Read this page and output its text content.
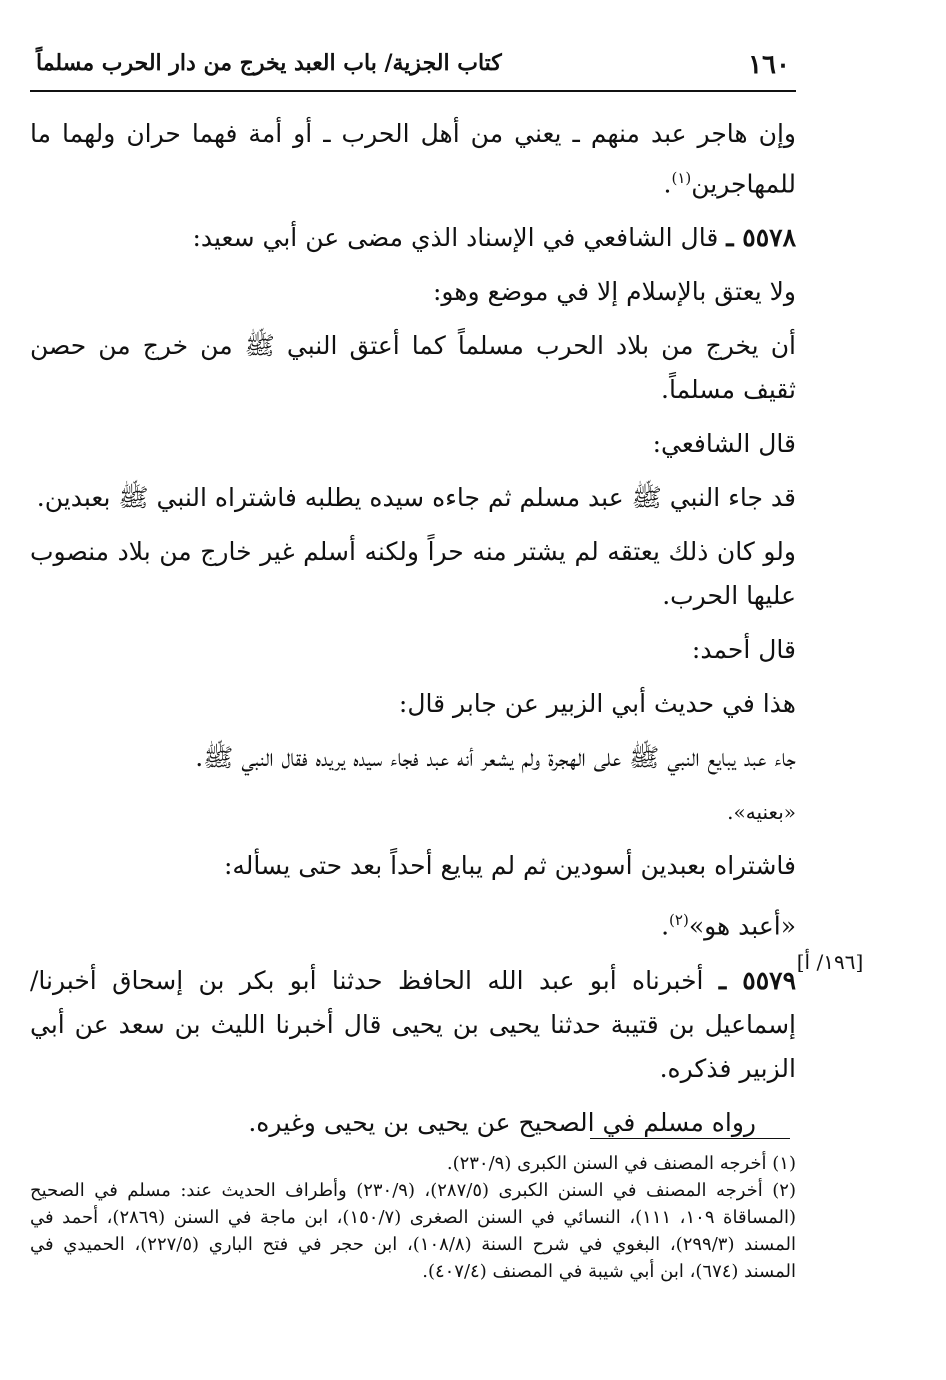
١٦٠
كتاب الجزية/ باب العبد يخرج من دار الحرب مسلماً

وإن هاجر عبد منهم ـ يعني من أهل الحرب ـ أو أمة فهما حران ولهما ما للمهاجرين$^{(١)}$.

٥٥٧٨ ـ قال الشافعي في الإسناد الذي مضى عن أبي سعيد:

ولا يعتق بالإسلام إلا في موضع وهو:

أن يخرج من بلاد الحرب مسلماً كما أعتق النبي ﷺ من خرج من حصن ثقيف مسلماً.

قال الشافعي:

قد جاء النبي ﷺ عبد مسلم ثم جاءه سيده يطلبه فاشتراه النبي ﷺ بعبدين.

ولو كان ذلك يعتقه لم يشتر منه حراً ولكنه أسلم غير خارج من بلاد منصوب عليها الحرب.

قال أحمد:

هذا في حديث أبي الزبير عن جابر قال:

جاء عبد يبايع النبي ﷺ على الهجرة ولم يشعر أنه عبد فجاء سيده يريده فقال النبي ﷺ.

«بعنيه».

فاشتراه بعبدين أسودين ثم لم يبايع أحداً بعد حتى يسأله:

«أعبد هو»$^{(٢)}$.

٥٥٧٩ ـ أخبرناه أبو عبد الله الحافظ حدثنا أبو بكر بن إسحاق أخبرنا/ إسماعيل بن قتيبة حدثنا يحيى بن يحيى قال أخبرنا الليث بن سعد عن أبي الزبير فذكره.

رواه مسلم في الصحيح عن يحيى بن يحيى وغيره.

[١٩٦/ أ]

(١) أخرجه المصنف في السنن الكبرى (٢٣٠/٩).

(٢) أخرجه المصنف في السنن الكبرى (٢٨٧/٥)، (٢٣٠/٩) وأطراف الحديث عند: مسلم في الصحيح (المساقاة ١٠٩، ١١١)، النسائي في السنن الصغرى (١٥٠/٧)، ابن ماجة في السنن (٢٨٦٩)، أحمد في المسند (٢٩٩/٣)، البغوي في شرح السنة (١٠٨/٨)، ابن حجر في فتح الباري (٢٢٧/٥)، الحميدي في المسند (٦٧٤)، ابن أبي شيبة في المصنف (٤٠٧/٤).
